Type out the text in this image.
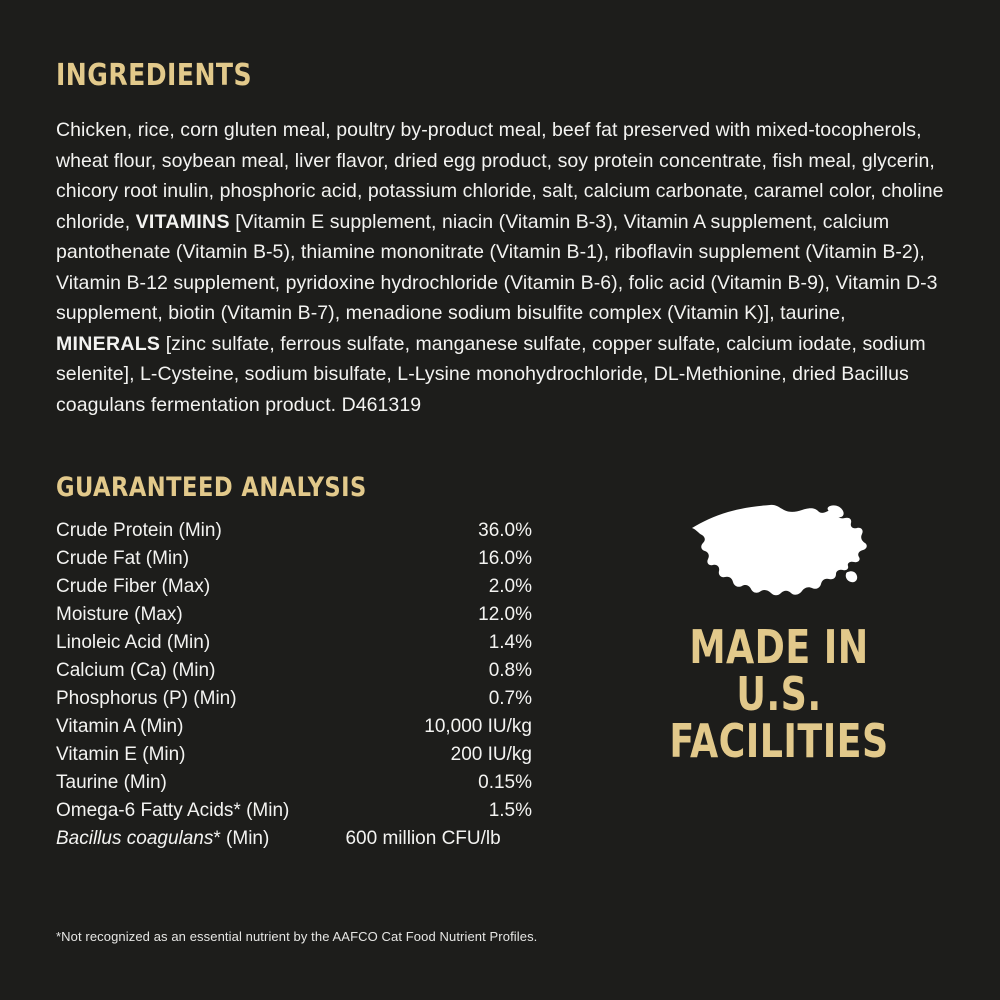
INGREDIENTS

Chicken, rice, corn gluten meal, poultry by-product meal, beef fat preserved with mixed-tocopherols, wheat flour, soybean meal, liver flavor, dried egg product, soy protein concentrate, fish meal, glycerin, chicory root inulin, phosphoric acid, potassium chloride, salt, calcium carbonate, caramel color, choline chloride, VITAMINS [Vitamin E supplement, niacin (Vitamin B-3), Vitamin A supplement, calcium pantothenate (Vitamin B-5), thiamine mononitrate (Vitamin B-1), riboflavin supplement (Vitamin B-2), Vitamin B-12 supplement, pyridoxine hydrochloride (Vitamin B-6), folic acid (Vitamin B-9), Vitamin D-3 supplement, biotin (Vitamin B-7), menadione sodium bisulfite complex (Vitamin K)], taurine, MINERALS [zinc sulfate, ferrous sulfate, manganese sulfate, copper sulfate, calcium iodate, sodium selenite], L-Cysteine, sodium bisulfate, L-Lysine monohydrochloride, DL-Methionine, dried Bacillus coagulans fermentation product. D461319

GUARANTEED ANALYSIS
Crude Protein (Min)	36.0%
Crude Fat (Min)	16.0%
Crude Fiber (Max)	2.0%
Moisture (Max)	12.0%
Linoleic Acid (Min)	1.4%
Calcium (Ca) (Min)	0.8%
Phosphorus (P) (Min)	0.7%
Vitamin A (Min)	10,000 IU/kg
Vitamin E (Min)	200 IU/kg
Taurine (Min)	0.15%
Omega-6 Fatty Acids* (Min)	1.5%
Bacillus coagulans* (Min)	600 million CFU/lb
MADE IN
U.S.
FACILITIES
*Not recognized as an essential nutrient by the AAFCO Cat Food Nutrient Profiles.
